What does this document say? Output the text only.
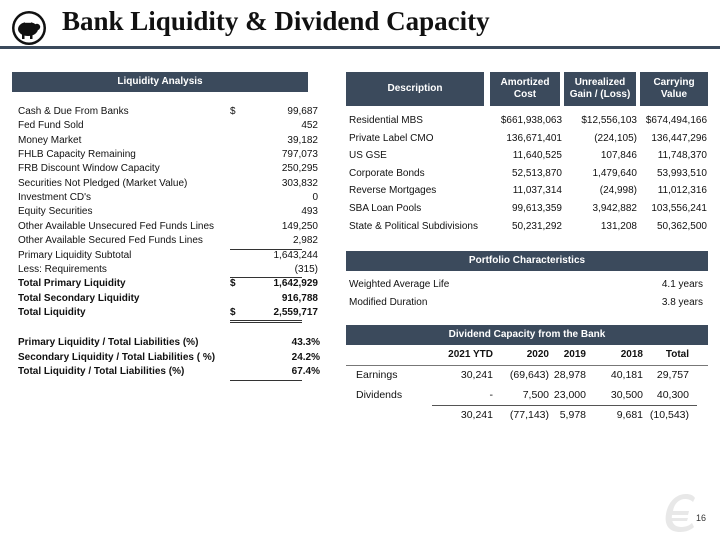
Bank Liquidity & Dividend Capacity
Liquidity Analysis
Cash & Due From Banks	$	99,687
Fed Fund Sold	452
Money Market	39,182
FHLB Capacity Remaining	797,073
FRB Discount Window Capacity	250,295
Securities Not Pledged (Market Value)	303,832
Investment CD's	0
Equity Securities	493
Other Available Unsecured Fed Funds Lines	149,250
Other Available Secured Fed Funds Lines	2,982
Primary Liquidity Subtotal	1,643,244
Less: Requirements	(315)
Total Primary Liquidity	$	1,642,929
Total Secondary Liquidity	916,788
Total Liquidity	$	2,559,717
Primary Liquidity / Total Liabilities (%)	43.3%
Secondary Liquidity / Total Liabilities ( %)	24.2%
Total Liquidity / Total Liabilities (%)	67.4%
Description
Amortized
Cost
Unrealized
Gain / (Loss)
Carrying
Value
Residential MBS	$661,938,063	$12,556,103 $674,494,166
Private Label CMO	136,671,401	(224,105)	136,447,296
US GSE	11,640,525	107,846	11,748,370
Corporate Bonds	52,513,870	1,479,640	53,993,510
Reverse Mortgages	11,037,314	(24,998)	11,012,316
SBA Loan Pools	99,613,359	3,942,882	103,556,241
State & Political Subdivisions	50,231,292	131,208	50,362,500
Portfolio Characteristics
Weighted Average Life	4.1 years
Modified Duration	3.8 years
Dividend Capacity from the Bank
2021 YTD	2020	2019	2018	Total
Earnings	30,241	(69,643) 28,978	40,181	29,757
Dividends	-	7,500 23,000	30,500	40,300
30,241	(77,143)	5,978	9,681 (10,543)
16
